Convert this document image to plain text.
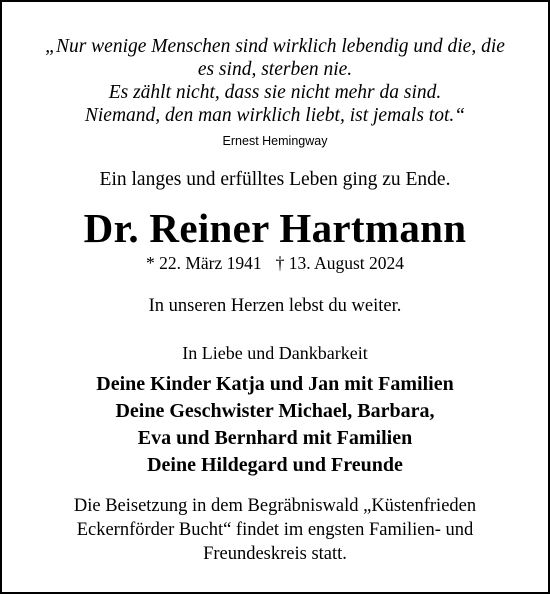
„Nur wenige Menschen sind wirklich lebendig und die, die
es sind, sterben nie.
Es zählt nicht, dass sie nicht mehr da sind.
Niemand, den man wirklich liebt, ist jemals tot.“
Ernest Hemingway
Ein langes und erfülltes Leben ging zu Ende.
Dr. Reiner Hartmann
* 22. März 1941 † 13. August 2024
In unseren Herzen lebst du weiter.
In Liebe und Dankbarkeit
Deine Kinder Katja und Jan mit Familien
Deine Geschwister Michael, Barbara,
Eva und Bernhard mit Familien
Deine Hildegard und Freunde
Die Beisetzung in dem Begräbniswald „Küstenfrieden
Eckernförder Bucht“ findet im engsten Familien- und
Freundeskreis statt.
